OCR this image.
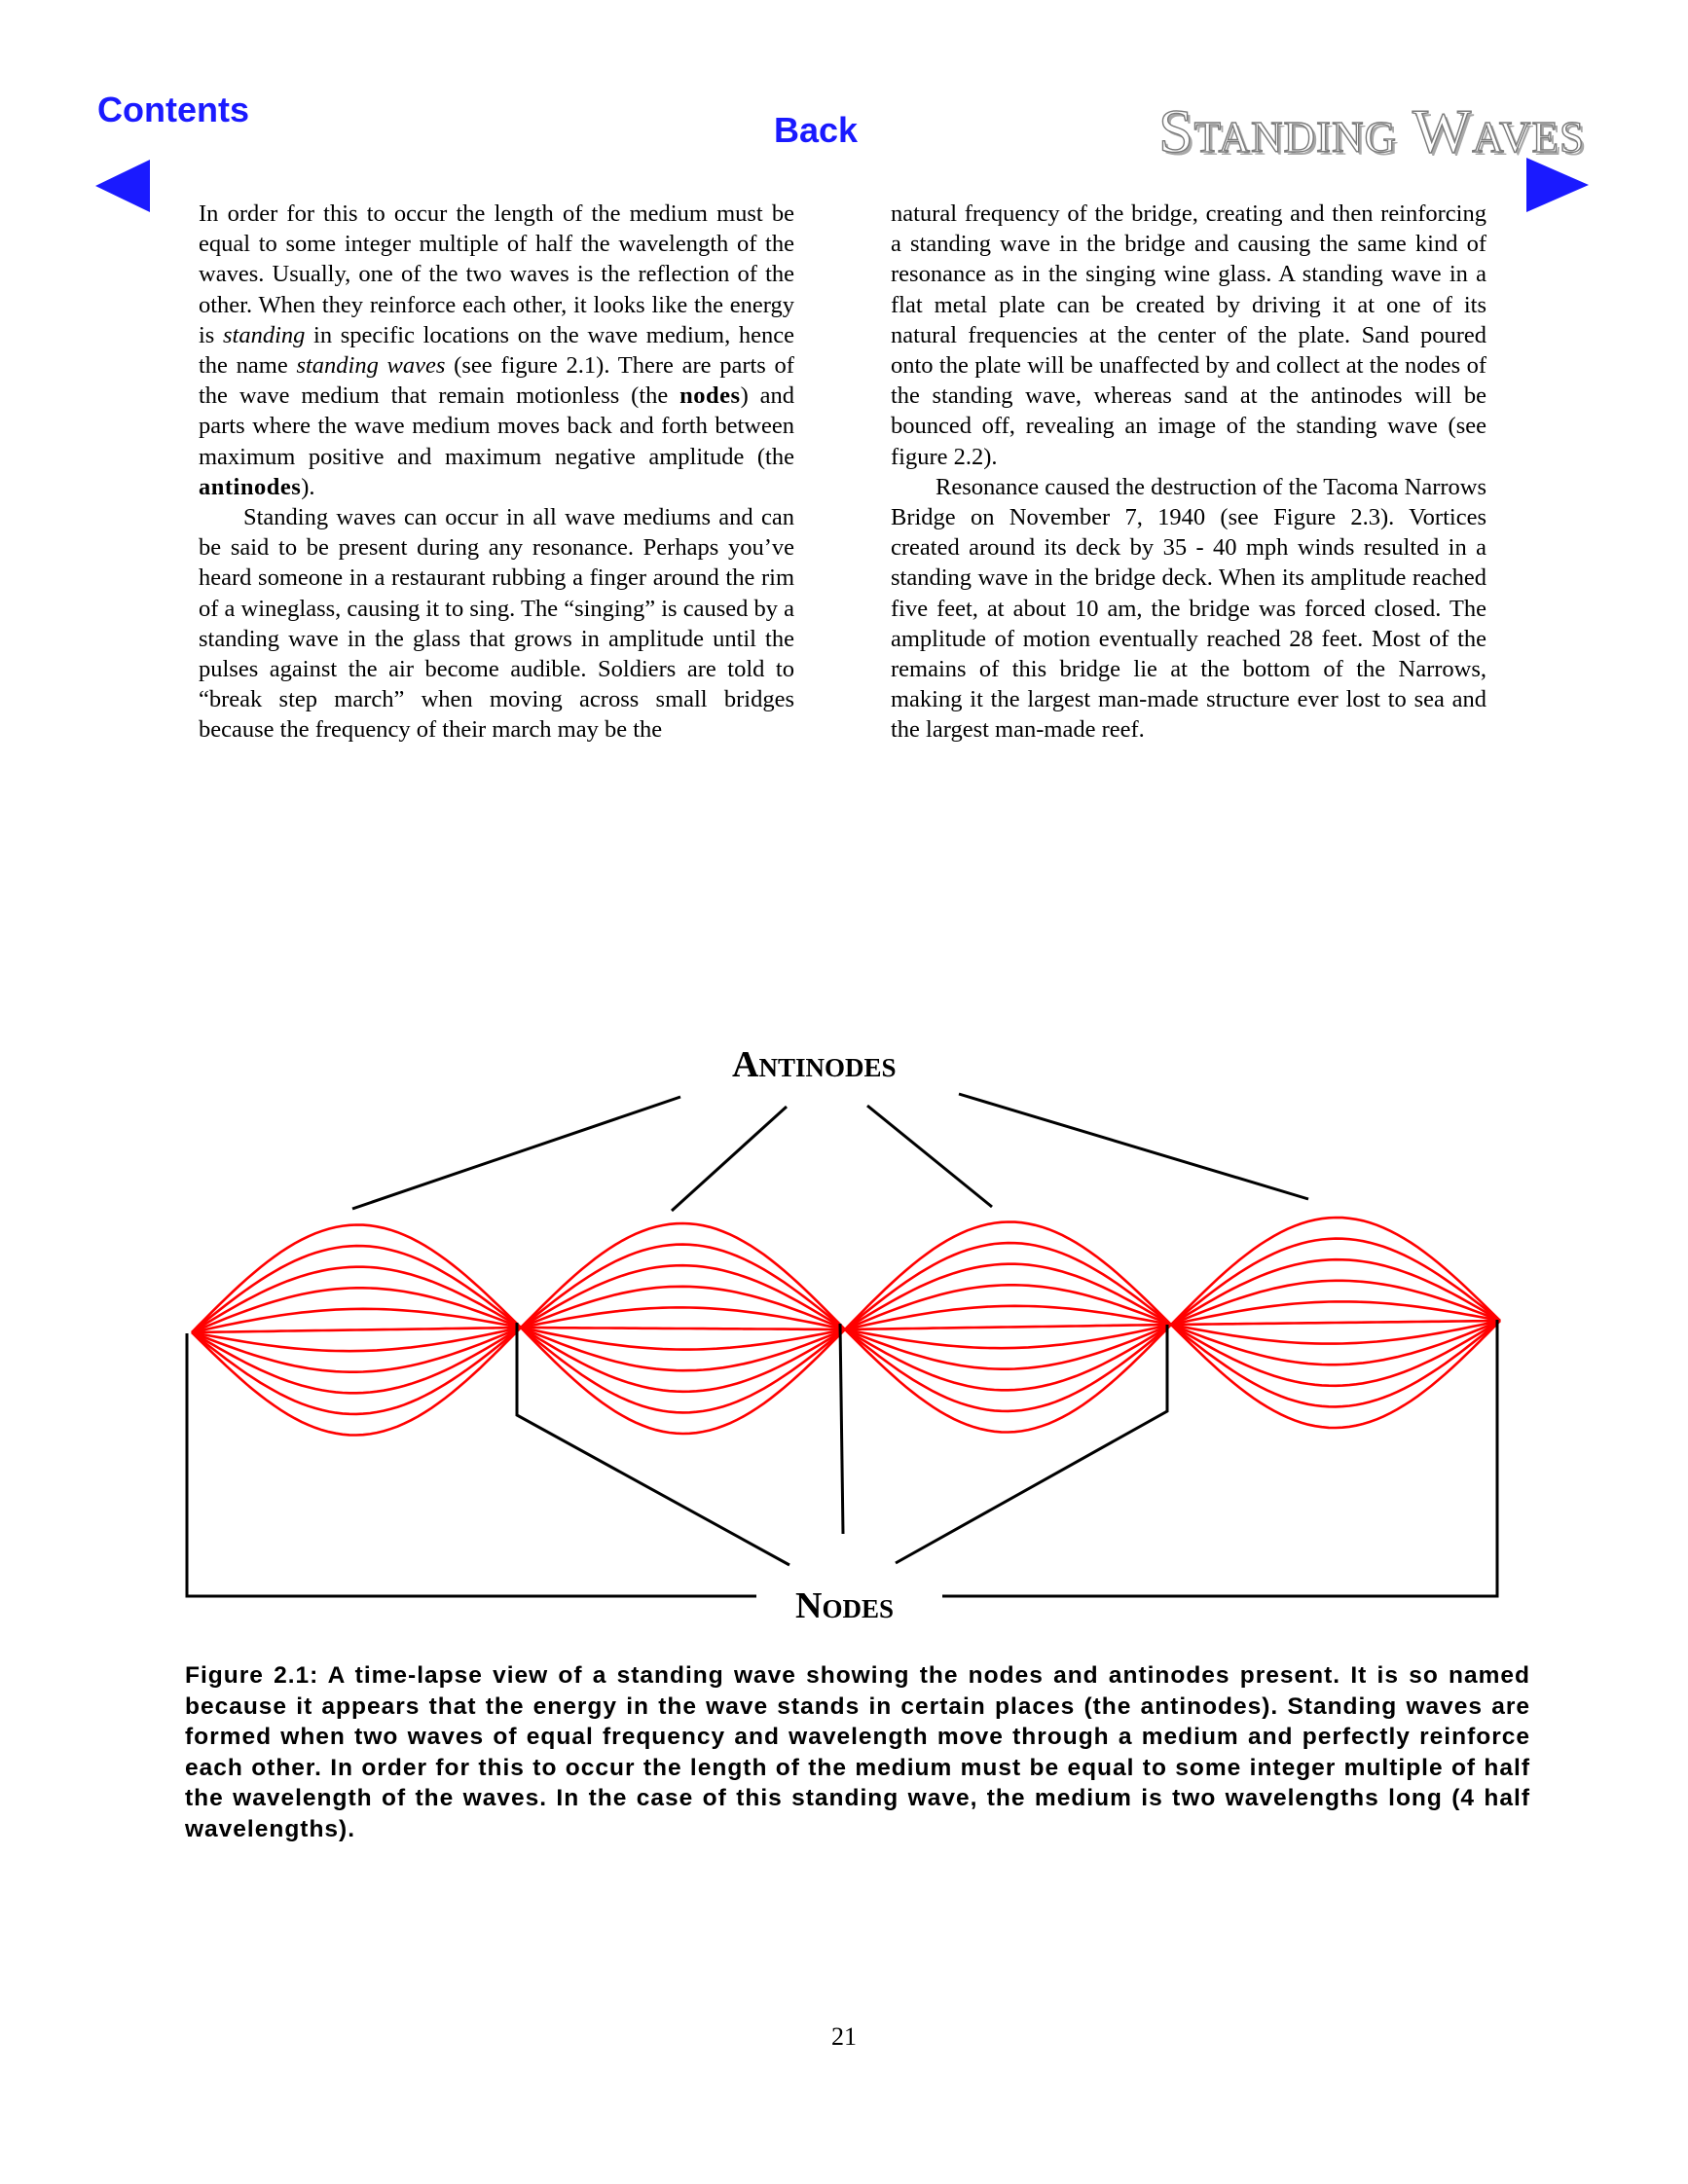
Contents
Back	Standing Waves

In order for this to occur the length of the medium must be equal to some integer multiple of half the wavelength of the waves. Usually, one of the two waves is the reflection of the other. When they reinforce each other, it looks like the energy is standing in specific locations on the wave medium, hence the name standing waves (see figure 2.1). There are parts of the wave medium that remain motionless (the nodes) and parts where the wave medium moves back and forth between maximum positive and maximum negative amplitude (the antinodes).

Standing waves can occur in all wave mediums and can be said to be present during any resonance. Perhaps you’ve heard someone in a restaurant rubbing a finger around the rim of a wineglass, causing it to sing. The “singing” is caused by a standing wave in the glass that grows in amplitude until the pulses against the air become audible. Soldiers are told to “break step march” when moving across small bridges because the frequency of their march may be the

natural frequency of the bridge, creating and then reinforcing a standing wave in the bridge and causing the same kind of resonance as in the singing wine glass. A standing wave in a flat metal plate can be created by driving it at one of its natural frequencies at the center of the plate. Sand poured onto the plate will be unaffected by and collect at the nodes of the standing wave, whereas sand at the antinodes will be bounced off, revealing an image of the standing wave (see figure 2.2).

Resonance caused the destruction of the Tacoma Narrows Bridge on November 7, 1940 (see Figure 2.3). Vortices created around its deck by 35 - 40 mph winds resulted in a standing wave in the bridge deck. When its amplitude reached five feet, at about 10 am, the bridge was forced closed. The amplitude of motion eventually reached 28 feet. Most of the remains of this bridge lie at the bottom of the Narrows, making it the largest man-made structure ever lost to sea and the largest man-made reef.

Antinodes
Nodes
Figure 2.1: A time-lapse view of a standing wave showing the nodes and antinodes present. It is so named because it appears that the energy in the wave stands in certain places (the antinodes). Standing waves are formed when two waves of equal frequency and wavelength move through a medium and perfectly reinforce each other. In order for this to occur the length of the medium must be equal to some integer multiple of half the wavelength of the waves. In the case of this standing wave, the medium is two wavelengths long (4 half wavelengths).
21
